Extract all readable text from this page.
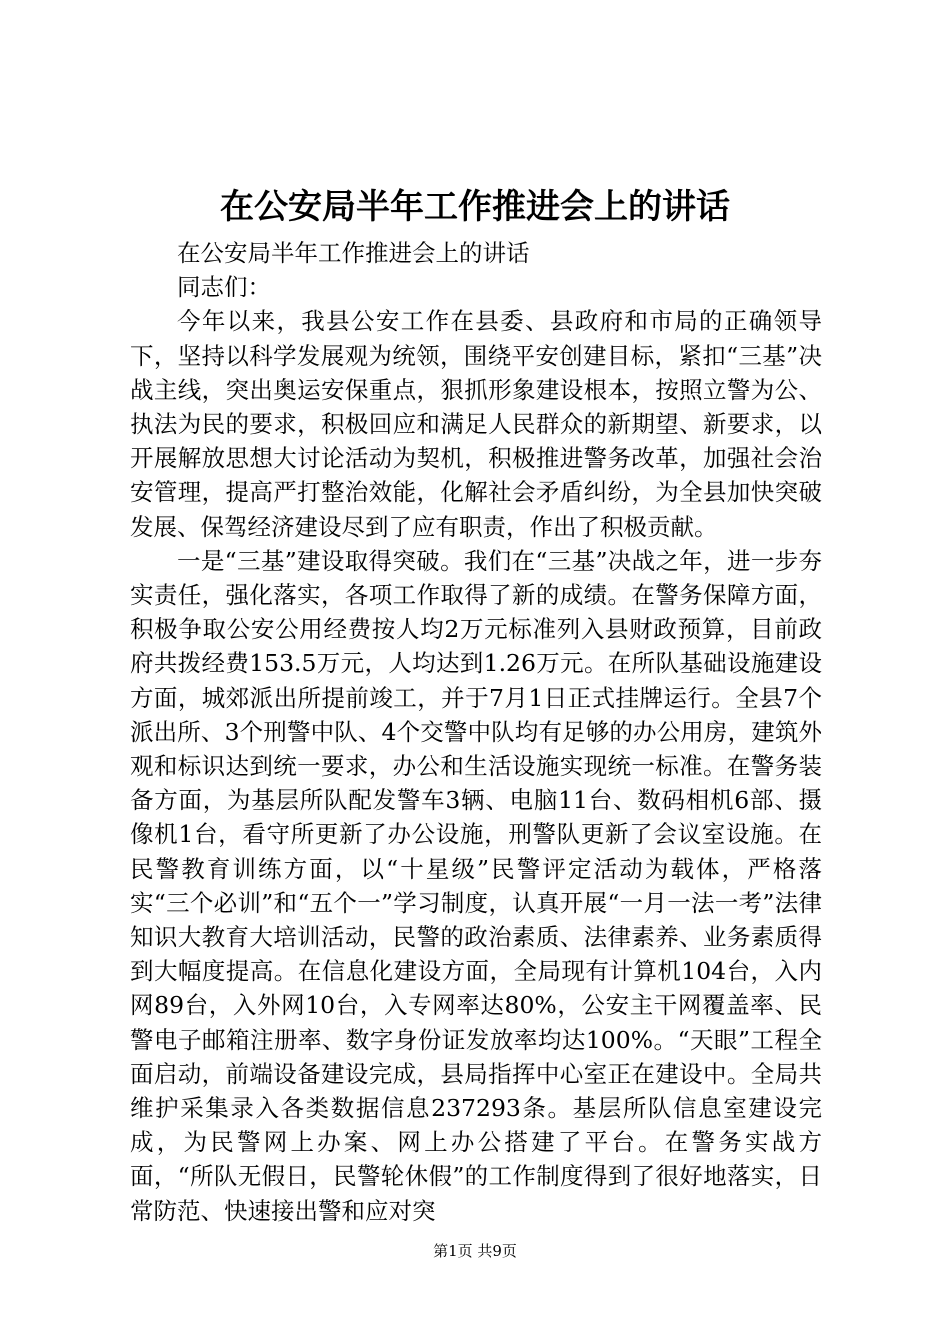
在公安局半年工作推进会上的讲话

在公安局半年工作推进会上的讲话

同志们：

今年以来，我县公安工作在县委、县政府和市局的正确领导下，坚持以科学发展观为统领，围绕平安创建目标，紧扣“三基”决战主线，突出奥运安保重点，狠抓形象建设根本，按照立警为公、执法为民的要求，积极回应和满足人民群众的新期望、新要求，以开展解放思想大讨论活动为契机，积极推进警务改革，加强社会治安管理，提高严打整治效能，化解社会矛盾纠纷，为全县加快突破发展、保驾经济建设尽到了应有职责，作出了积极贡献。

一是“三基”建设取得突破。我们在“三基”决战之年，进一步夯实责任，强化落实，各项工作取得了新的成绩。在警务保障方面，积极争取公安公用经费按人均2万元标准列入县财政预算，目前政府共拨经费153.5万元，人均达到1.26万元。在所队基础设施建设方面，城郊派出所提前竣工，并于7月1日正式挂牌运行。全县7个派出所、3个刑警中队、4个交警中队均有足够的办公用房，建筑外观和标识达到统一要求，办公和生活设施实现统一标准。在警务装备方面，为基层所队配发警车3辆、电脑11台、数码相机6部、摄像机1台，看守所更新了办公设施，刑警队更新了会议室设施。在民警教育训练方面，以“十星级”民警评定活动为载体，严格落实“三个必训”和“五个一”学习制度，认真开展“一月一法一考”法律知识大教育大培训活动，民警的政治素质、法律素养、业务素质得到大幅度提高。在信息化建设方面，全局现有计算机104台，入内网89台，入外网10台，入专网率达80%，公安主干网覆盖率、民警电子邮箱注册率、数字身份证发放率均达100%。“天眼”工程全面启动，前端设备建设完成，县局指挥中心室正在建设中。全局共维护采集录入各类数据信息237293条。基层所队信息室建设完成，为民警网上办案、网上办公搭建了平台。在警务实战方面，“所队无假日，民警轮休假”的工作制度得到了很好地落实，日常防范、快速接出警和应对突

第1页 共9页
